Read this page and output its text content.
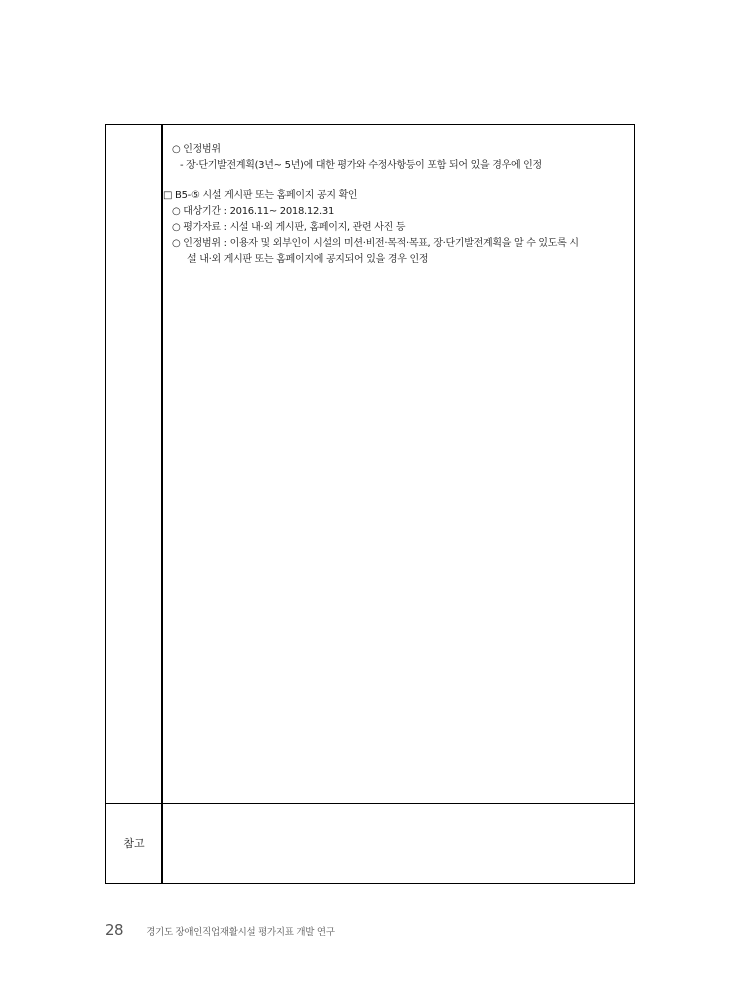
○ 인정범위
- 장·단기발전계획(3년~ 5년)에 대한 평가와 수정사항등이 포함 되어 있을 경우에 인정
□ B5-⑤ 시설 게시판 또는 홈페이지 공지 확인
○ 대상기간 : 2016.11~ 2018.12.31
○ 평가자료 : 시설 내·외 게시판, 홈페이지, 관련 사진 등
○ 인정범위 : 이용자 및 외부인이 시설의 미션·비전·목적·목표, 장·단기발전계획을 알 수 있도록 시
설 내·외 게시판 또는 홈페이지에 공지되어 있을 경우 인정
참고
28 경기도 장애인직업재활시설 평가지표 개발 연구
